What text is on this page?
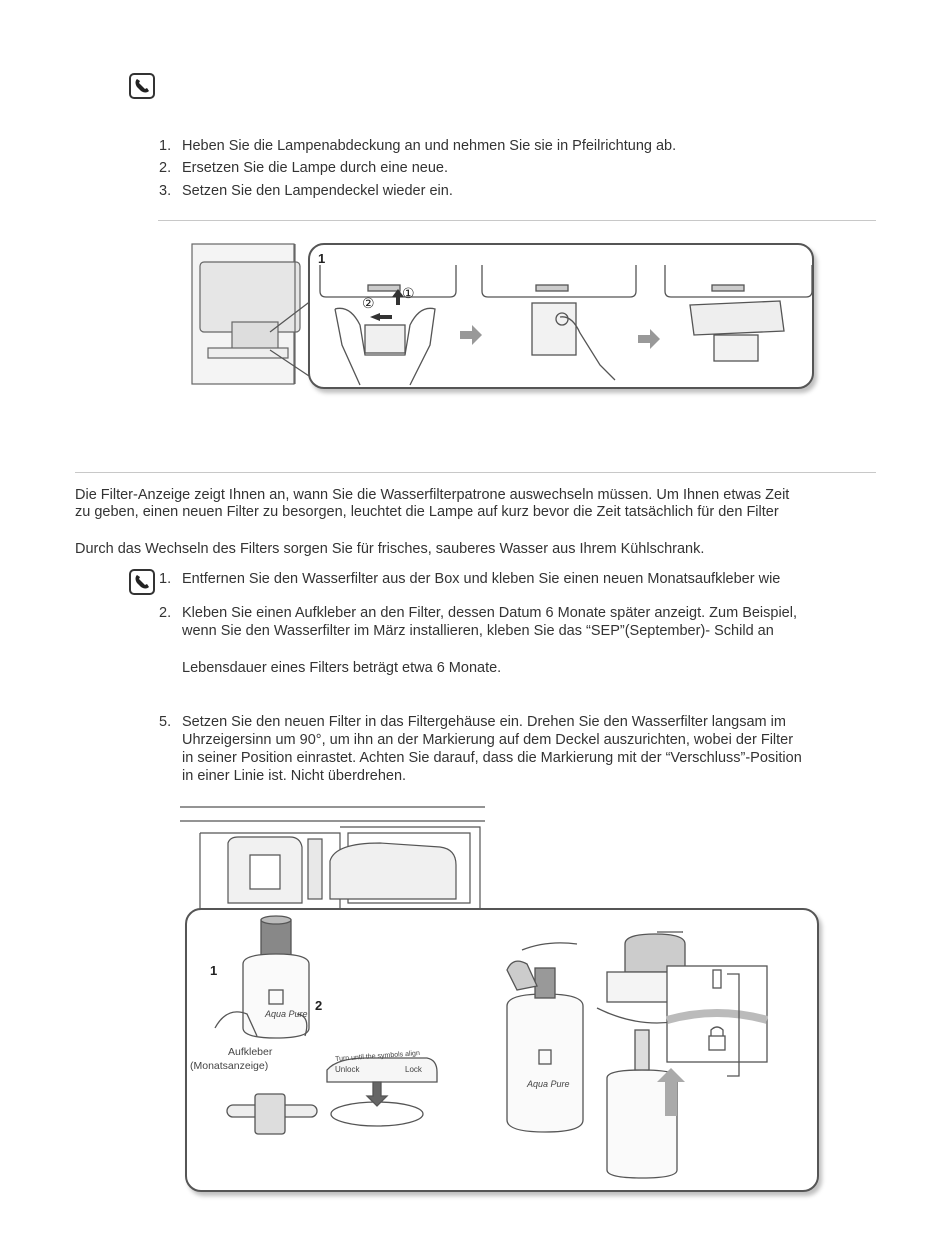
1. Heben Sie die Lampenabdeckung an und nehmen Sie sie in Pfeilrichtung ab.
2. Ersetzen Sie die Lampe durch eine neue.
3. Setzen Sie den Lampendeckel wieder ein.
1
①
②
Die Filter-Anzeige zeigt Ihnen an, wann Sie die Wasserfilterpatrone auswechseln müssen. Um Ihnen etwas Zeit
zu geben, einen neuen Filter zu besorgen, leuchtet die Lampe auf kurz bevor die Zeit tatsächlich für den Filter
Durch das Wechseln des Filters sorgen Sie für frisches, sauberes Wasser aus Ihrem Kühlschrank.
1. Entfernen Sie den Wasserfilter aus der Box und kleben Sie einen neuen Monatsaufkleber wie
2. Kleben Sie einen Aufkleber an den Filter, dessen Datum 6 Monate später anzeigt. Zum Beispiel,
wenn Sie den Wasserfilter im März installieren, kleben Sie das “SEP”(September)- Schild an
Lebensdauer eines Filters beträgt etwa 6 Monate.
5. Setzen Sie den neuen Filter in das Filtergehäuse ein. Drehen Sie den Wasserfilter langsam im
Uhrzeigersinn um 90°, um ihn an der Markierung auf dem Deckel auszurichten, wobei der Filter
in seiner Position einrastet. Achten Sie darauf, dass die Markierung mit der “Verschluss”-Position
in einer Linie ist. Nicht überdrehen.
1
2
Aufkleber
(Monatsanzeige)
Turn until the symbols align
Unlock	Lock
Aqua Pure
Aqua Pure
